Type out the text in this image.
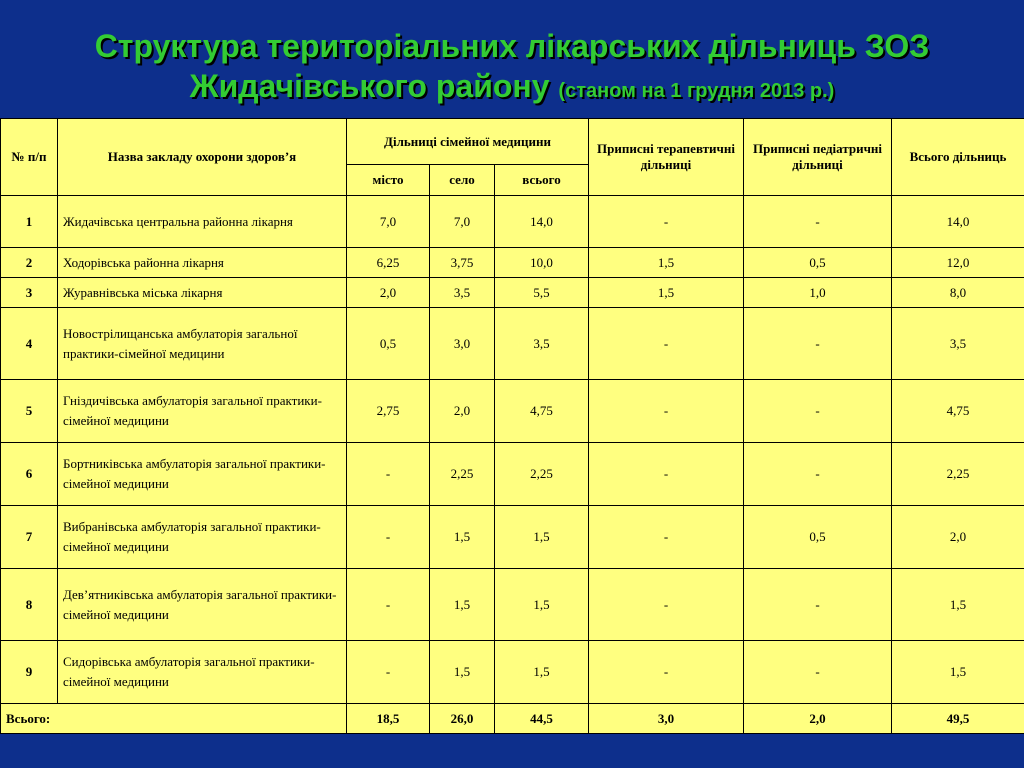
Структура територіальних лікарських дільниць ЗОЗ
Жидачівського району (станом на 1 грудня 2013 р.)
№ п/п	Назва закладу охорони здоров’я	Дільниці сімейної медицини			Приписні терапевтичні дільниці	Приписні педіатричні дільниці	Всього дільниць
		місто	село	всього			
1	Жидачівська центральна районна лікарня	7,0	7,0	14,0	-	-	14,0
2	Ходорівська районна лікарня	6,25	3,75	10,0	1,5	0,5	12,0
3	Журавнівська міська лікарня	2,0	3,5	5,5	1,5	1,0	8,0
4	Новострілищанська амбулаторія загальної практики-сімейної медицини	0,5	3,0	3,5	-	-	3,5
5	Гніздичівська амбулаторія загальної практики-сімейної медицини	2,75	2,0	4,75	-	-	4,75
6	Бортниківська амбулаторія загальної практики-сімейної медицини	-	2,25	2,25	-	-	2,25
7	Вибранівська амбулаторія загальної практики-сімейної медицини	-	1,5	1,5	-	0,5	2,0
8	Дев’ятниківська амбулаторія загальної практики-сімейної медицини	-	1,5	1,5	-	-	1,5
9	Сидорівська амбулаторія загальної практики-сімейної медицини	-	1,5	1,5	-	-	1,5
Всього:		18,5	26,0	44,5	3,0	2,0	49,5
